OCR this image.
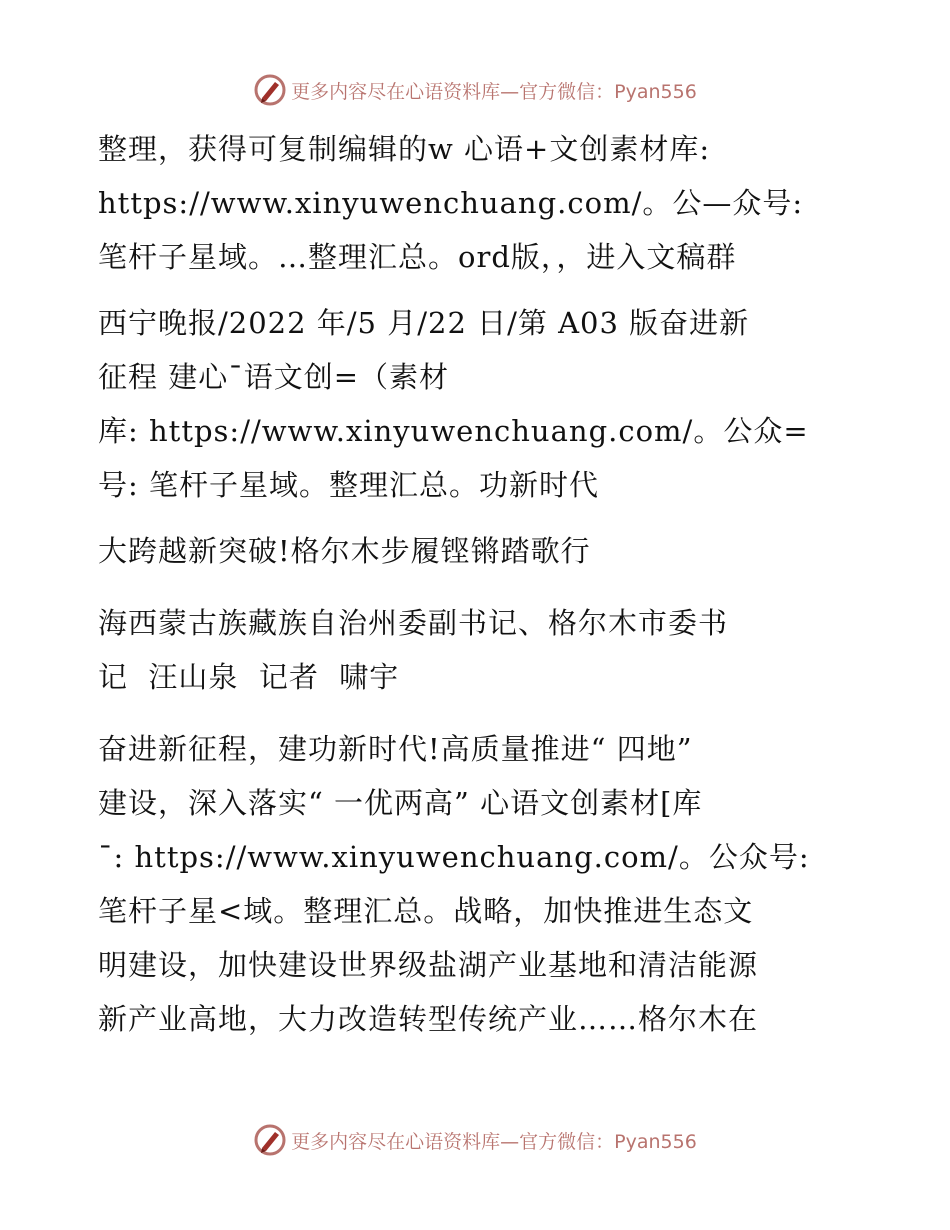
更多内容尽在心语资料库—官方微信：Pyan556
整理，获得可复制编辑的w 心语+文创素材库:
https://www.xinyuwenchuang.com/。公—众号:
笔杆子星域。…整理汇总。ord版，，进入文稿群
西宁晚报/2022 年/5 月/22 日/第 A03 版奋进新
征程 建心¯语文创=（素材
库: https://www.xinyuwenchuang.com/。公众=
号: 笔杆子星域。整理汇总。功新时代
大跨越新突破!格尔木步履铿锵踏歌行
海西蒙古族藏族自治州委副书记、格尔木市委书
记  汪山泉  记者  啸宇
奋进新征程，建功新时代!高质量推进“ 四地”
建设，深入落实“ 一优两高” 心语文创素材[库
¯: https://www.xinyuwenchuang.com/。公众号:
笔杆子星<域。整理汇总。战略，加快推进生态文
明建设，加快建设世界级盐湖产业基地和清洁能源
新产业高地，大力改造转型传统产业……格尔木在
更多内容尽在心语资料库—官方微信：Pyan556
